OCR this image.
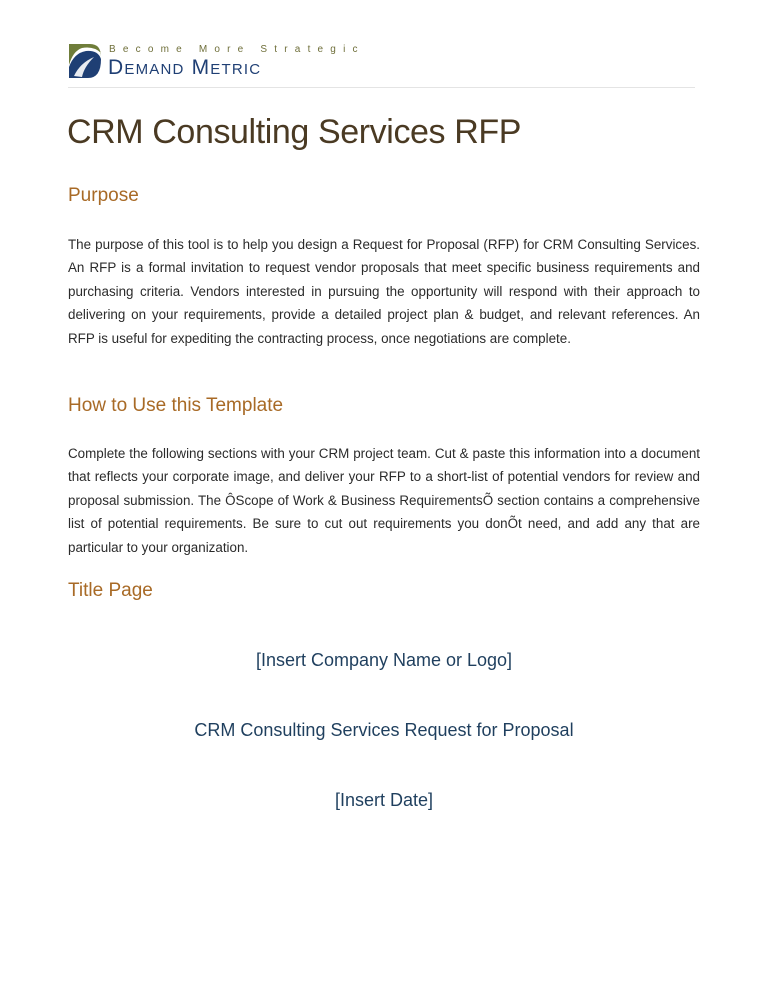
Become More Strategic
Demand Metric
CRM Consulting Services RFP
Purpose

The purpose of this tool is to help you design a Request for Proposal (RFP) for CRM Consulting Services. An RFP is a formal invitation to request vendor proposals that meet specific business requirements and purchasing criteria. Vendors interested in pursuing the opportunity will respond with their approach to delivering on your requirements, provide a detailed project plan & budget, and relevant references. An RFP is useful for expediting the contracting process, once negotiations are complete.

How to Use this Template

Complete the following sections with your CRM project team. Cut & paste this information into a document that reflects your corporate image, and deliver your RFP to a short-list of potential vendors for review and proposal submission. The ÔScope of Work & Business RequirementsÕ section contains a comprehensive list of potential requirements. Be sure to cut out requirements you donÕt need, and add any that are particular to your organization.

Title Page

[Insert Company Name or Logo]

CRM Consulting Services Request for Proposal

[Insert Date]
